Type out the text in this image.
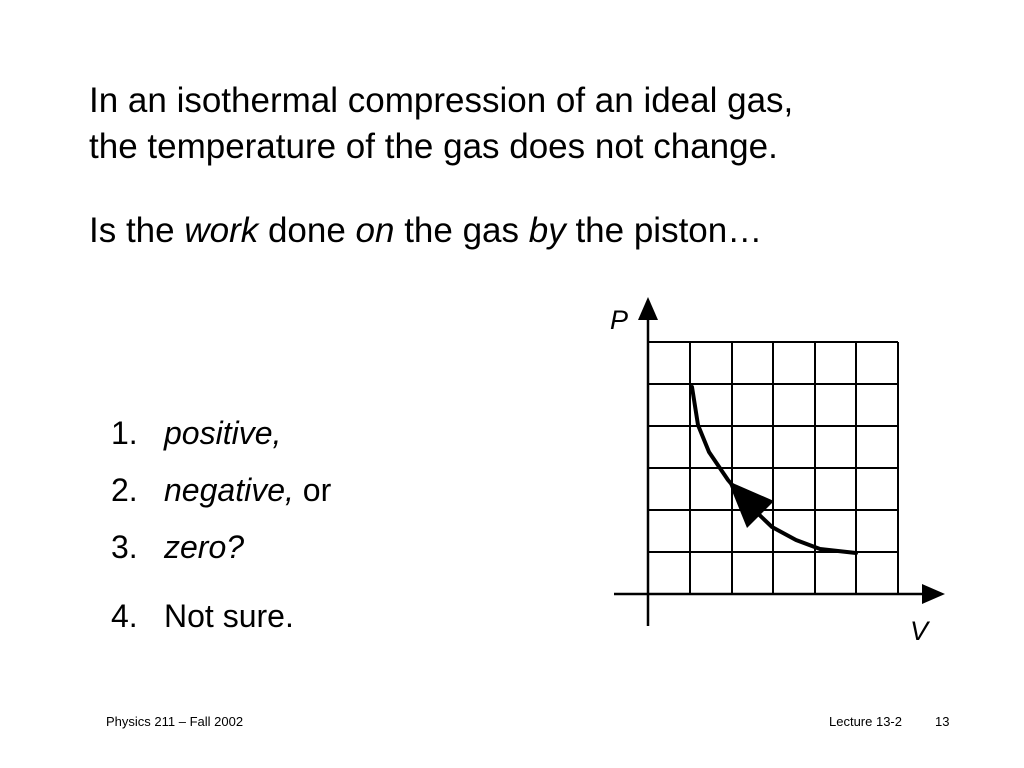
In an isothermal compression of an ideal gas,
the temperature of the gas does not change.

Is the work done on the gas by the piston…

1. positive,
2. negative, or
3. zero?
4. Not sure.
P
V
Physics 211 – Fall 2002	Lecture 13-2	13
